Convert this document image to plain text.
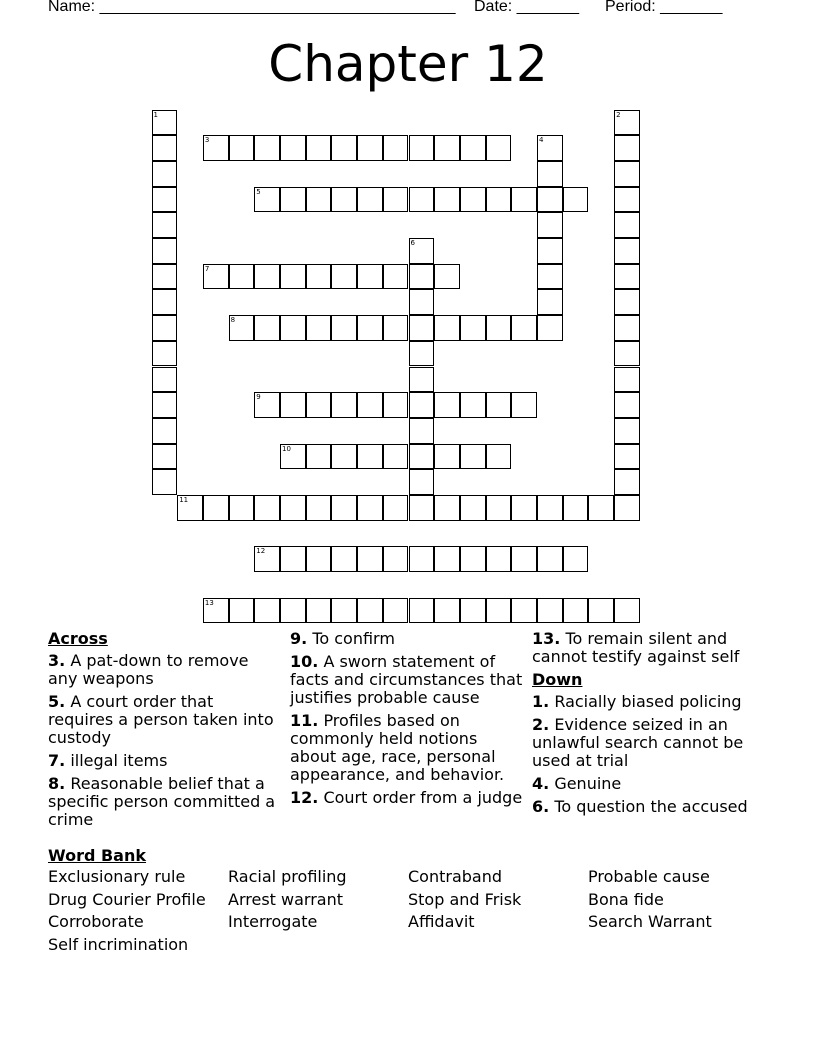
Name: ________________________________________

Date: _______

Period: _______

Chapter 12
1	2
3	4
5
6
7
8
9
10
11
12
13
Across
3. A pat-down to remove any weapons
5. A court order that requires a person taken into custody
7. illegal items
8. Reasonable belief that a specific person committed a crime
9. To confirm
10. A sworn statement of facts and circumstances that justifies probable cause
11. Profiles based on commonly held notions about age, race, personal appearance, and behavior.
12. Court order from a judge
13. To remain silent and cannot testify against self
Down
1. Racially biased policing
2. Evidence seized in an unlawful search cannot be used at trial
4. Genuine
6. To question the accused
Word Bank
Exclusionary rule	Racial profiling	Contraband	Probable cause
Drug Courier Profile	Arrest warrant	Stop and Frisk	Bona fide
Corroborate	Interrogate	Affidavit	Search Warrant
Self incrimination
